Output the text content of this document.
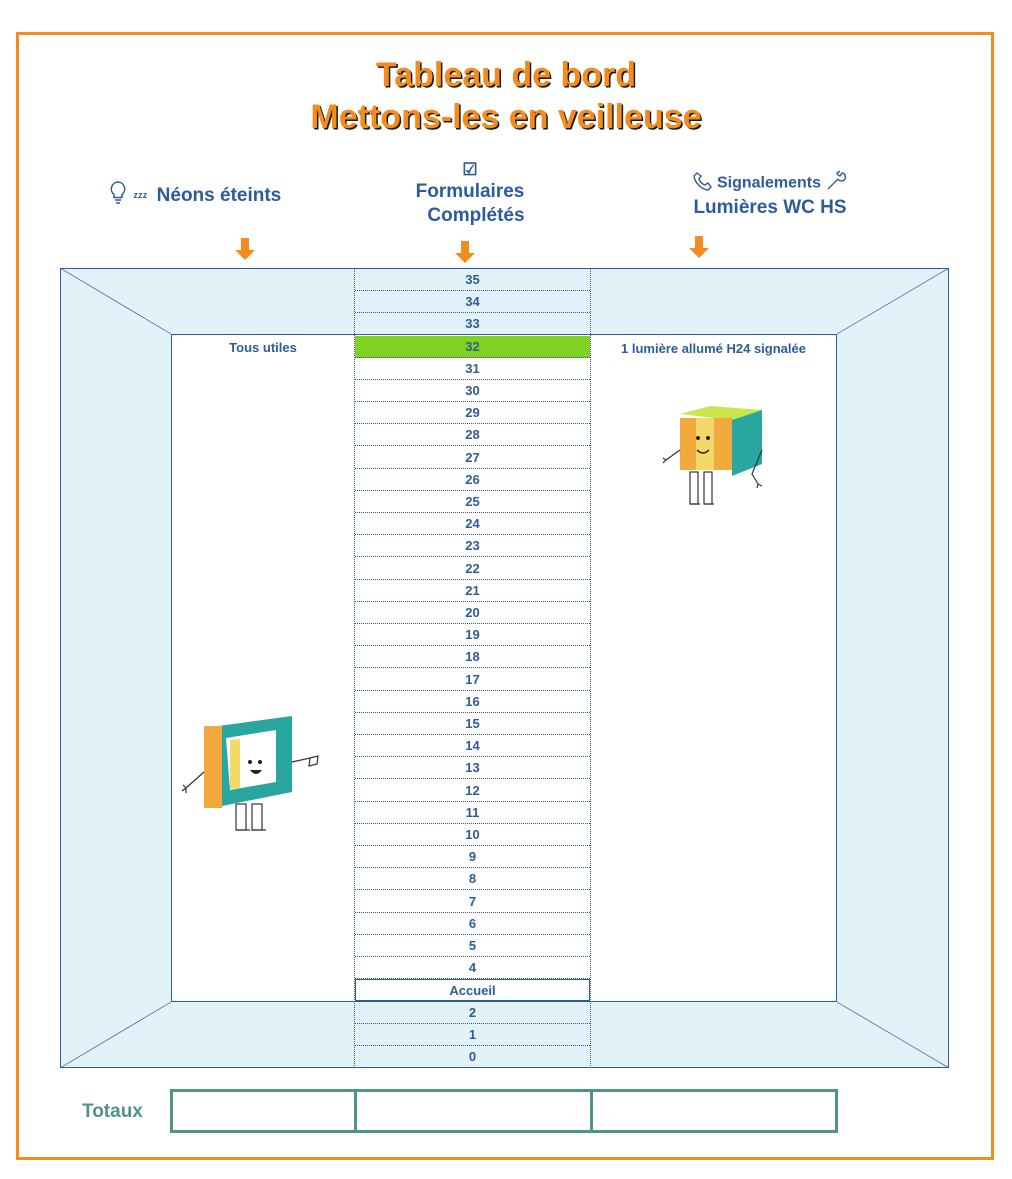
Tableau de bord
Mettons-les en veilleuse
ᶻᶻᶻ Néons éteints
☑
Formulaires
Complétés
Signalements
Lumières WC HS
Tous utiles	1 lumière allumé H24 signalée
35
34
33
32
31
30
29
28
27
26
25
24
23
22
21
20
19
18
17
16
15
14
13
12
11
10
9
8
7
6
5
4
Accueil
2
1
0
Totaux
